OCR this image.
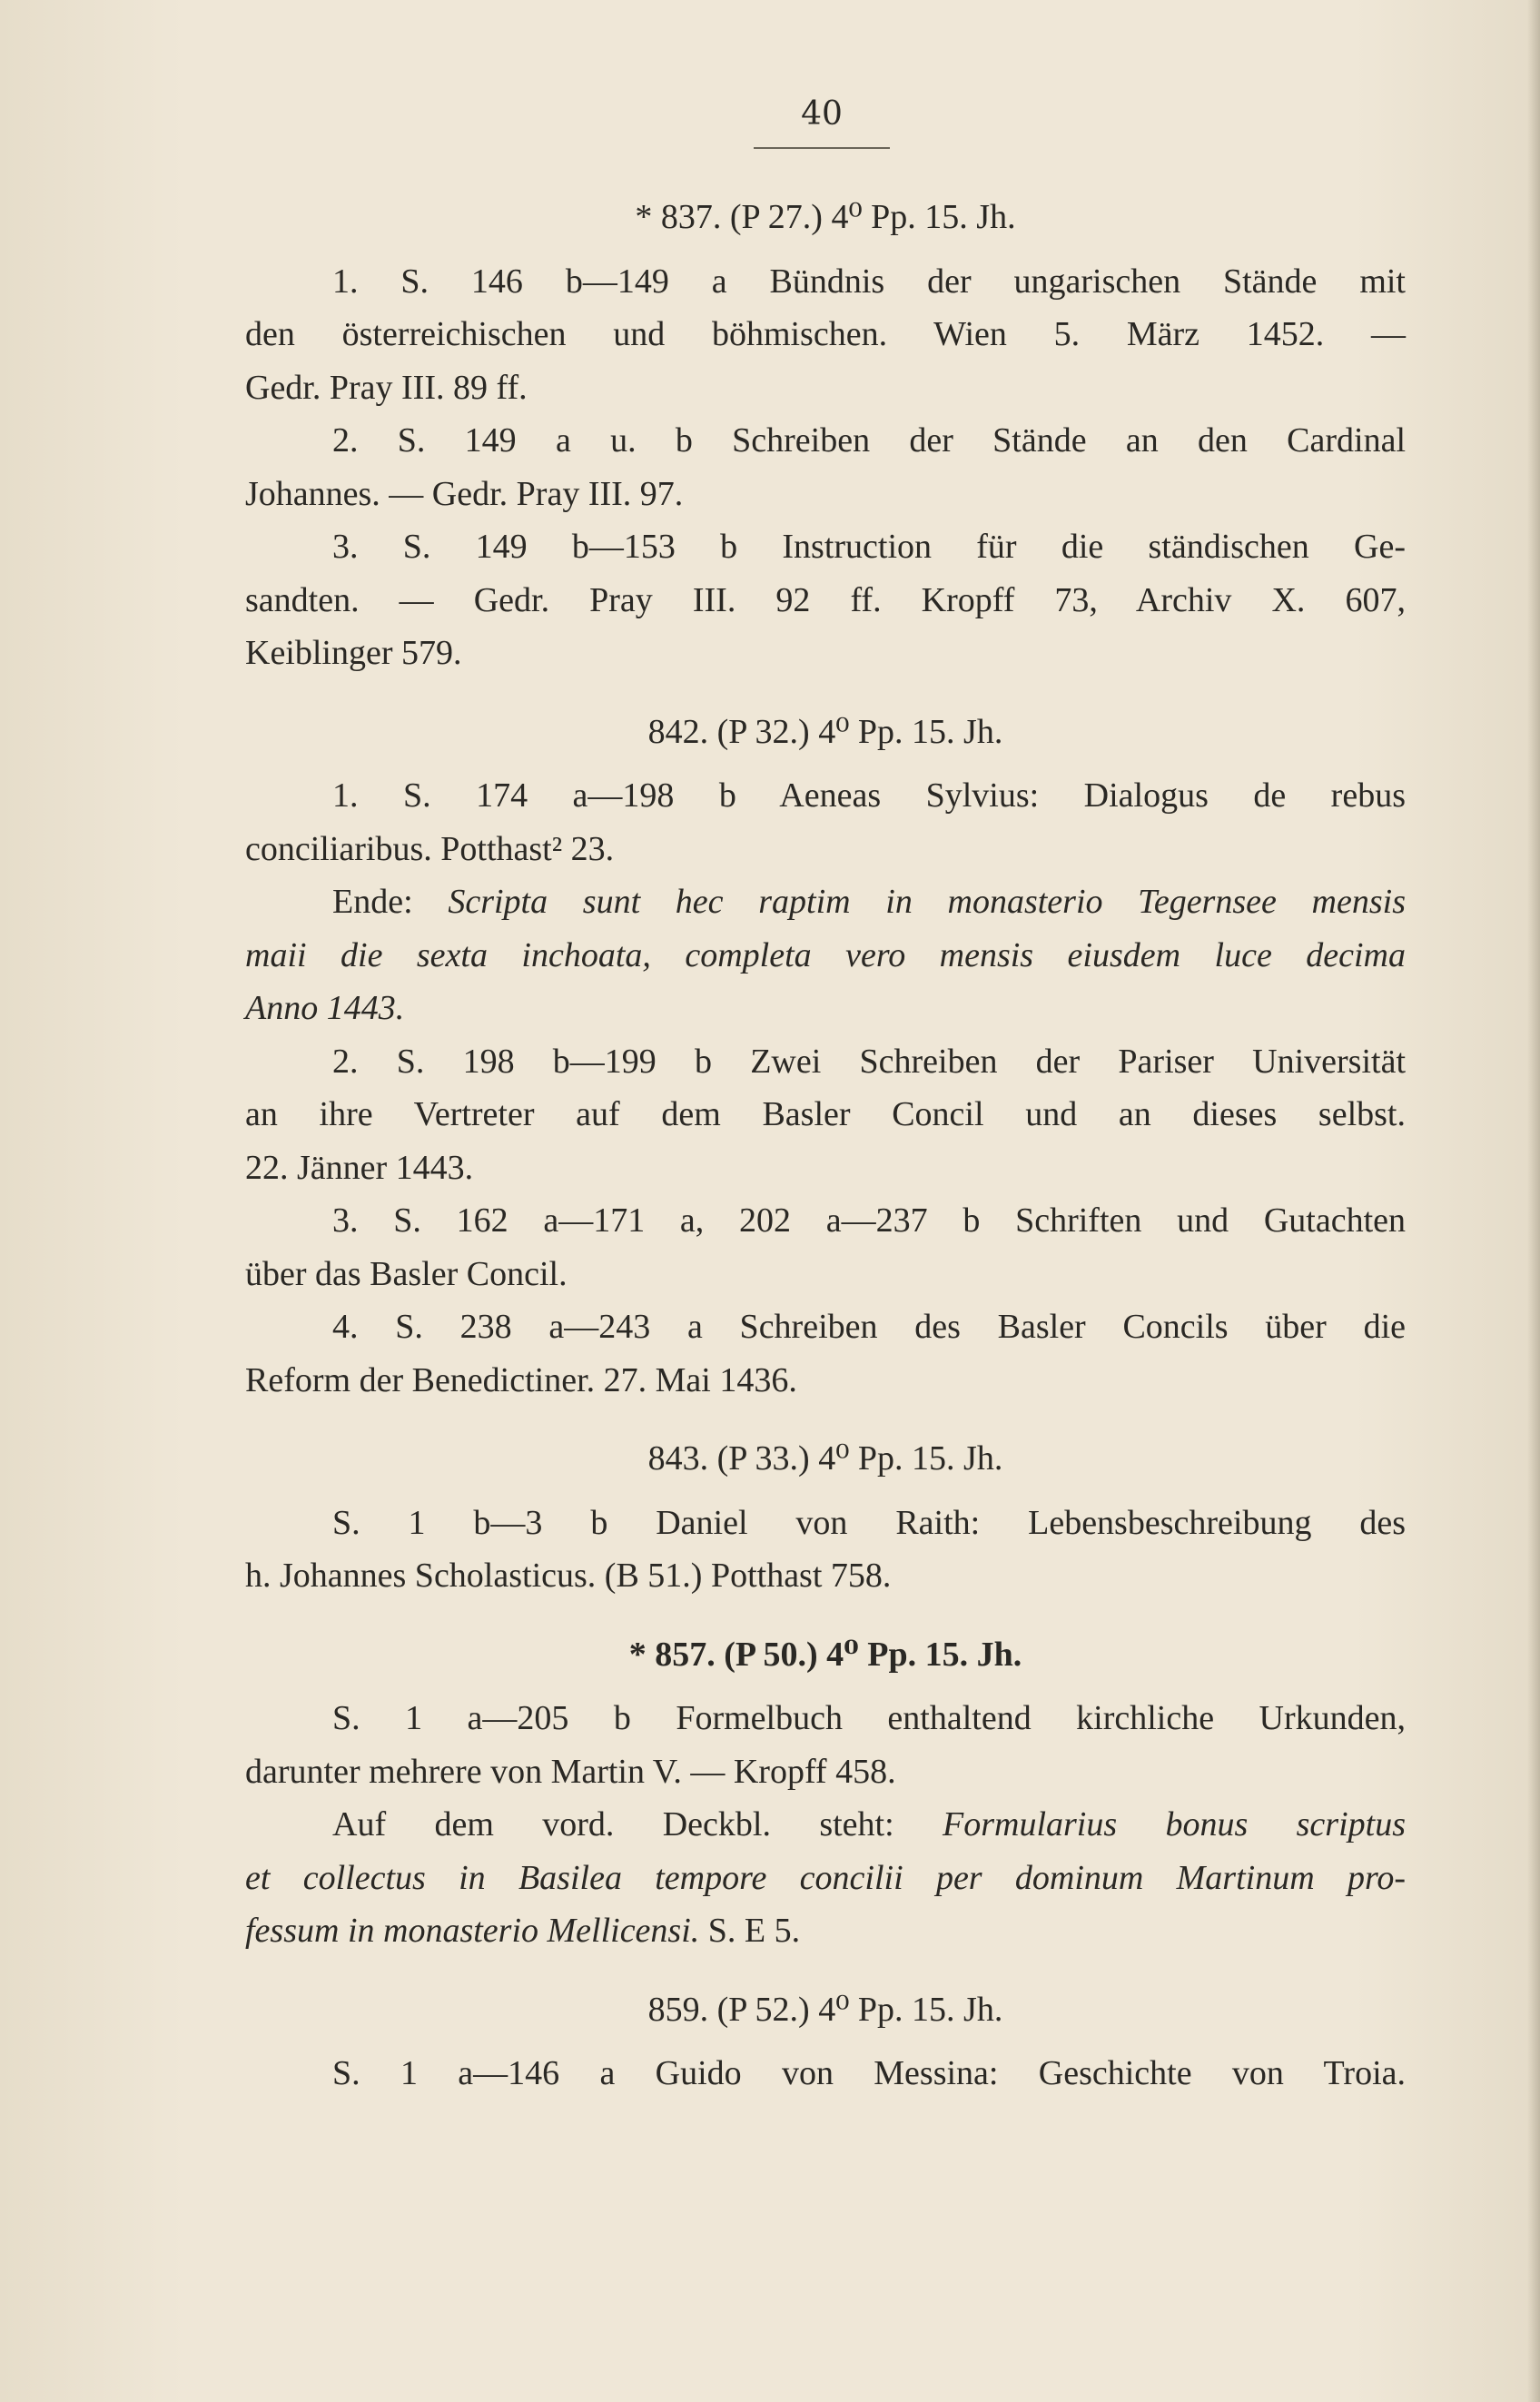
40
* 837. (P 27.) 4⁰ Pp. 15. Jh.
1. S. 146 b—149 a Bündnis der ungarischen Stände mit
den österreichischen und böhmischen. Wien 5. März 1452. —
Gedr. Pray III. 89 ff.
2. S. 149 a u. b Schreiben der Stände an den Cardinal
Johannes. — Gedr. Pray III. 97.
3. S. 149 b—153 b Instruction für die ständischen Ge-
sandten. — Gedr. Pray III. 92 ff. Kropff 73, Archiv X. 607,
Keiblinger 579.
842. (P 32.) 4⁰ Pp. 15. Jh.
1. S. 174 a—198 b Aeneas Sylvius: Dialogus de rebus
conciliaribus. Potthast² 23.
Ende: Scripta sunt hec raptim in monasterio Tegernsee mensis
maii die sexta inchoata, completa vero mensis eiusdem luce decima
Anno 1443.
2. S. 198 b—199 b Zwei Schreiben der Pariser Universität
an ihre Vertreter auf dem Basler Concil und an dieses selbst.
22. Jänner 1443.
3. S. 162 a—171 a, 202 a—237 b Schriften und Gutachten
über das Basler Concil.
4. S. 238 a—243 a Schreiben des Basler Concils über die
Reform der Benedictiner. 27. Mai 1436.
843. (P 33.) 4⁰ Pp. 15. Jh.
S. 1 b—3 b Daniel von Raith: Lebensbeschreibung des
h. Johannes Scholasticus. (B 51.) Potthast 758.
* 857. (P 50.) 4⁰ Pp. 15. Jh.
S. 1 a—205 b Formelbuch enthaltend kirchliche Urkunden,
darunter mehrere von Martin V. — Kropff 458.
Auf dem vord. Deckbl. steht: Formularius bonus scriptus
et collectus in Basilea tempore concilii per dominum Martinum pro-
fessum in monasterio Mellicensi. S. E 5.
859. (P 52.) 4⁰ Pp. 15. Jh.
S. 1 a—146 a Guido von Messina: Geschichte von Troia.
